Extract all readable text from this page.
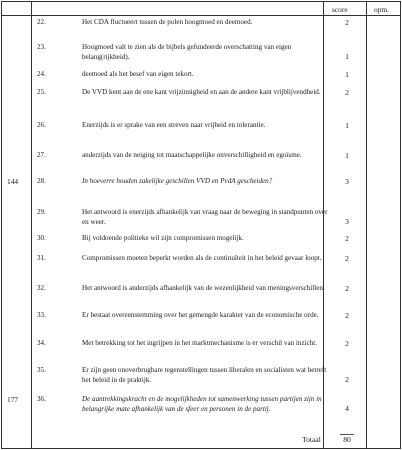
score	opm.
22.	Het CDA fluctueert tussen de polen hoogmoed en deemoed.	2
23.	Hoogmoed valt te zien als de bijbels gefundeerde overschatting van eigen belang(rijkheid).	1
24.	deemoed als het besef van eigen tekort.	1
25.	De VVD kent aan de ene kant vrijzinnigheid en aan de andere kant vrijblijvendheid.	2
26.	Enerzijds is er sprake van een streven naar vrijheid en tolerantie.	1
27.	anderzijds van de neiging tot maatschappelijke onverschilligheid en egoïsme.	1
144	28.	In hoeverre houden zakelijke geschillen VVD en PvdA gescheiden?	3
29.	Het antwoord is enerzijds afhankelijk van vraag naar de beweging in standpunten over en weer.	3
30.	Bij voldoende politieke wil zijn compromissen mogelijk.	2
31.	Compromissen moeten beperkt worden als de continuïteit in het beleid gevaar loopt.	2
32.	Het antwoord is anderzijds afhankelijk van de wezenlijkheid van meningsverschillen.	2
33.	Er bestaat overeenstemming over het gemengde karakter van de economische orde.	2
34.	Met betrekking tot het ingrijpen in het marktmechanisme is er verschil van inzicht.	2
35.	Er zijn geen onoverbrugbare tegenstellingen tussen liberalen en socialisten wat betreft het beleid in de praktijk.	2
177	36.	De aantrekkingskracht en de mogelijkheden tot samenwerking tussen partijen zijn in belangrijke mate afhankelijk van de sfeer en personen in de partij.	4
Totaal	80
